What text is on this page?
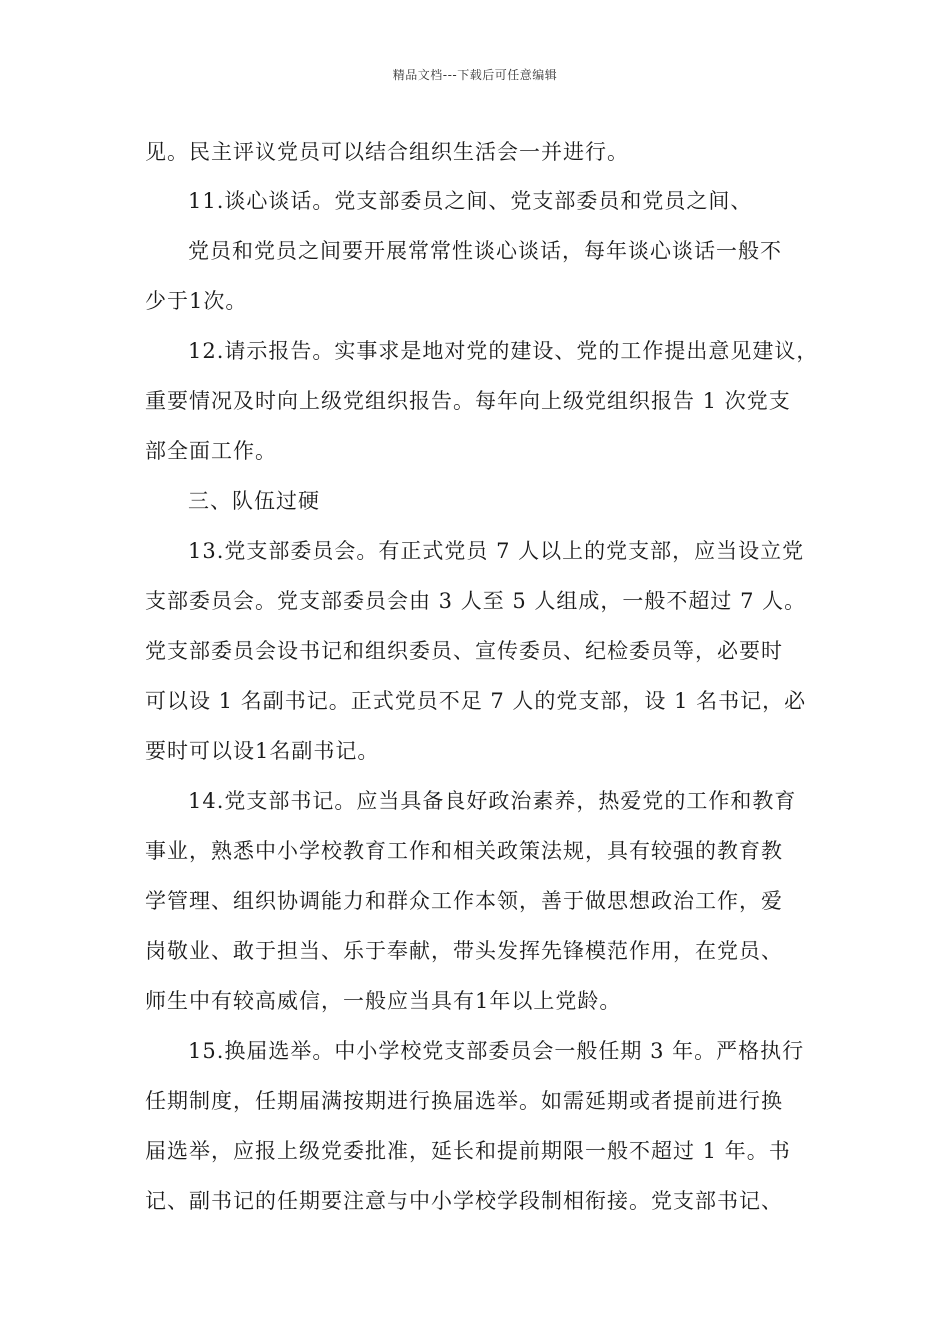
精品文档---下载后可任意编辑
见。民主评议党员可以结合组织生活会一并进行。
11.谈心谈话。党支部委员之间、党支部委员和党员之间、
党员和党员之间要开展常常性谈心谈话，每年谈心谈话一般不
少于1次。
12.请示报告。实事求是地对党的建设、党的工作提出意见建议，
重要情况及时向上级党组织报告。每年向上级党组织报告 1 次党支
部全面工作。
三、队伍过硬
13.党支部委员会。有正式党员 7 人以上的党支部，应当设立党
支部委员会。党支部委员会由 3 人至 5 人组成，一般不超过 7 人。
党支部委员会设书记和组织委员、宣传委员、纪检委员等，必要时
可以设 1 名副书记。正式党员不足 7 人的党支部，设 1 名书记，必
要时可以设1名副书记。
14.党支部书记。应当具备良好政治素养，热爱党的工作和教育
事业，熟悉中小学校教育工作和相关政策法规，具有较强的教育教
学管理、组织协调能力和群众工作本领，善于做思想政治工作，爱
岗敬业、敢于担当、乐于奉献，带头发挥先锋模范作用，在党员、
师生中有较高威信，一般应当具有1年以上党龄。
15.换届选举。中小学校党支部委员会一般任期 3 年。严格执行
任期制度，任期届满按期进行换届选举。如需延期或者提前进行换
届选举，应报上级党委批准，延长和提前期限一般不超过 1 年。书
记、副书记的任期要注意与中小学校学段制相衔接。党支部书记、
